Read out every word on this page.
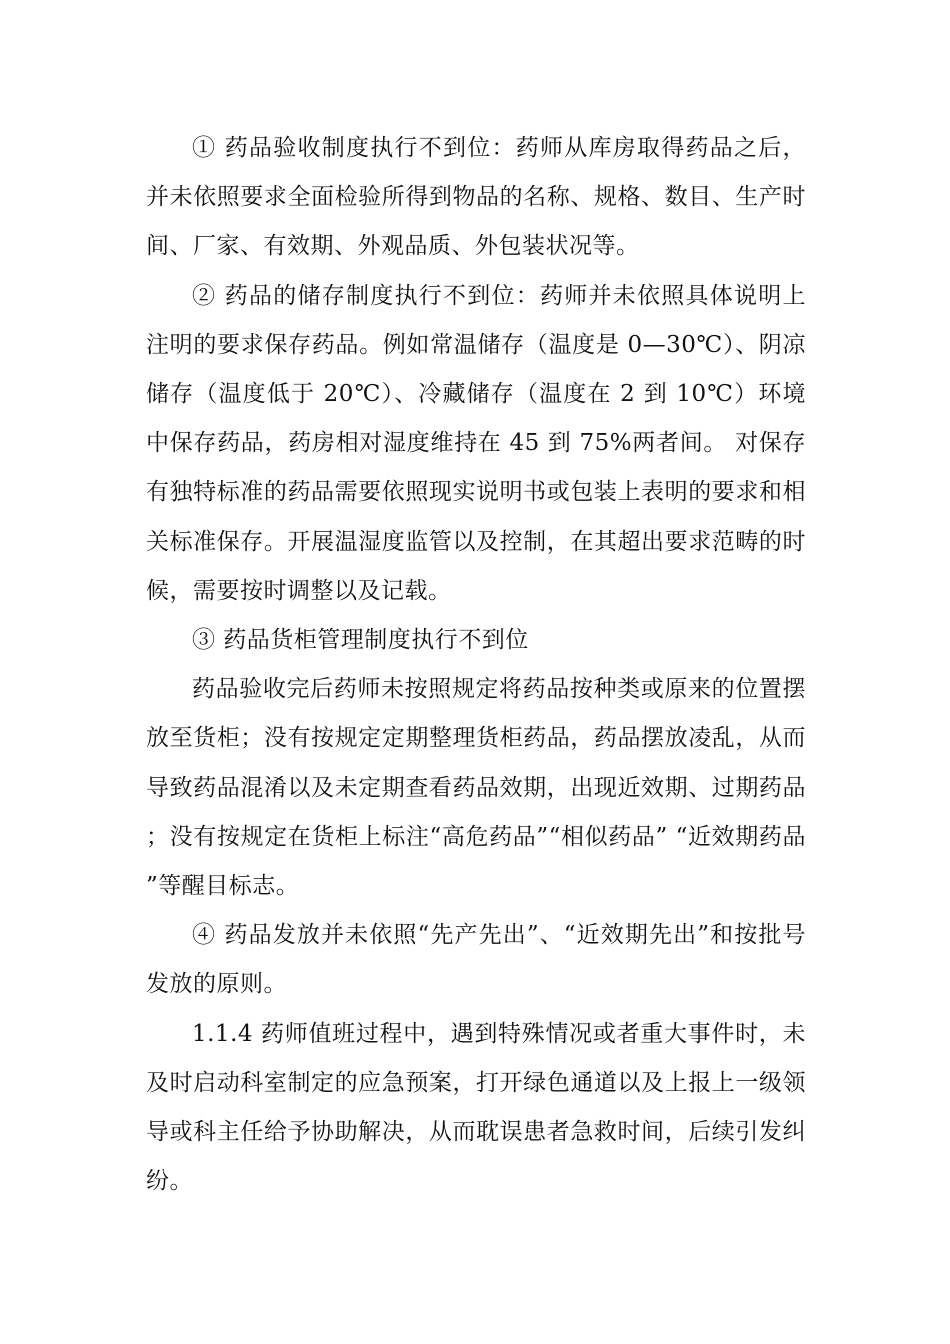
① 药品验收制度执行不到位：药师从库房取得药品之后，并未依照要求全面检验所得到物品的名称、规格、数目、生产时间、厂家、有效期、外观品质、外包装状况等。

② 药品的储存制度执行不到位：药师并未依照具体说明上注明的要求保存药品。例如常温储存（温度是 0—30℃）、阴凉储存（温度低于 20℃）、冷藏储存（温度在 2 到 10℃）环境中保存药品，药房相对湿度维持在 45 到 75%两者间。 对保存有独特标准的药品需要依照现实说明书或包装上表明的要求和相关标准保存。开展温湿度监管以及控制，在其超出要求范畴的时候，需要按时调整以及记载。

③ 药品货柜管理制度执行不到位

药品验收完后药师未按照规定将药品按种类或原来的位置摆放至货柜；没有按规定定期整理货柜药品，药品摆放凌乱，从而导致药品混淆以及未定期查看药品效期，出现近效期、过期药品；没有按规定在货柜上标注“高危药品”“相似药品” “近效期药品”等醒目标志。

④ 药品发放并未依照“先产先出”、“近效期先出”和按批号发放的原则。

1.1.4 药师值班过程中，遇到特殊情况或者重大事件时，未及时启动科室制定的应急预案，打开绿色通道以及上报上一级领导或科主任给予协助解决，从而耽误患者急救时间，后续引发纠纷。
